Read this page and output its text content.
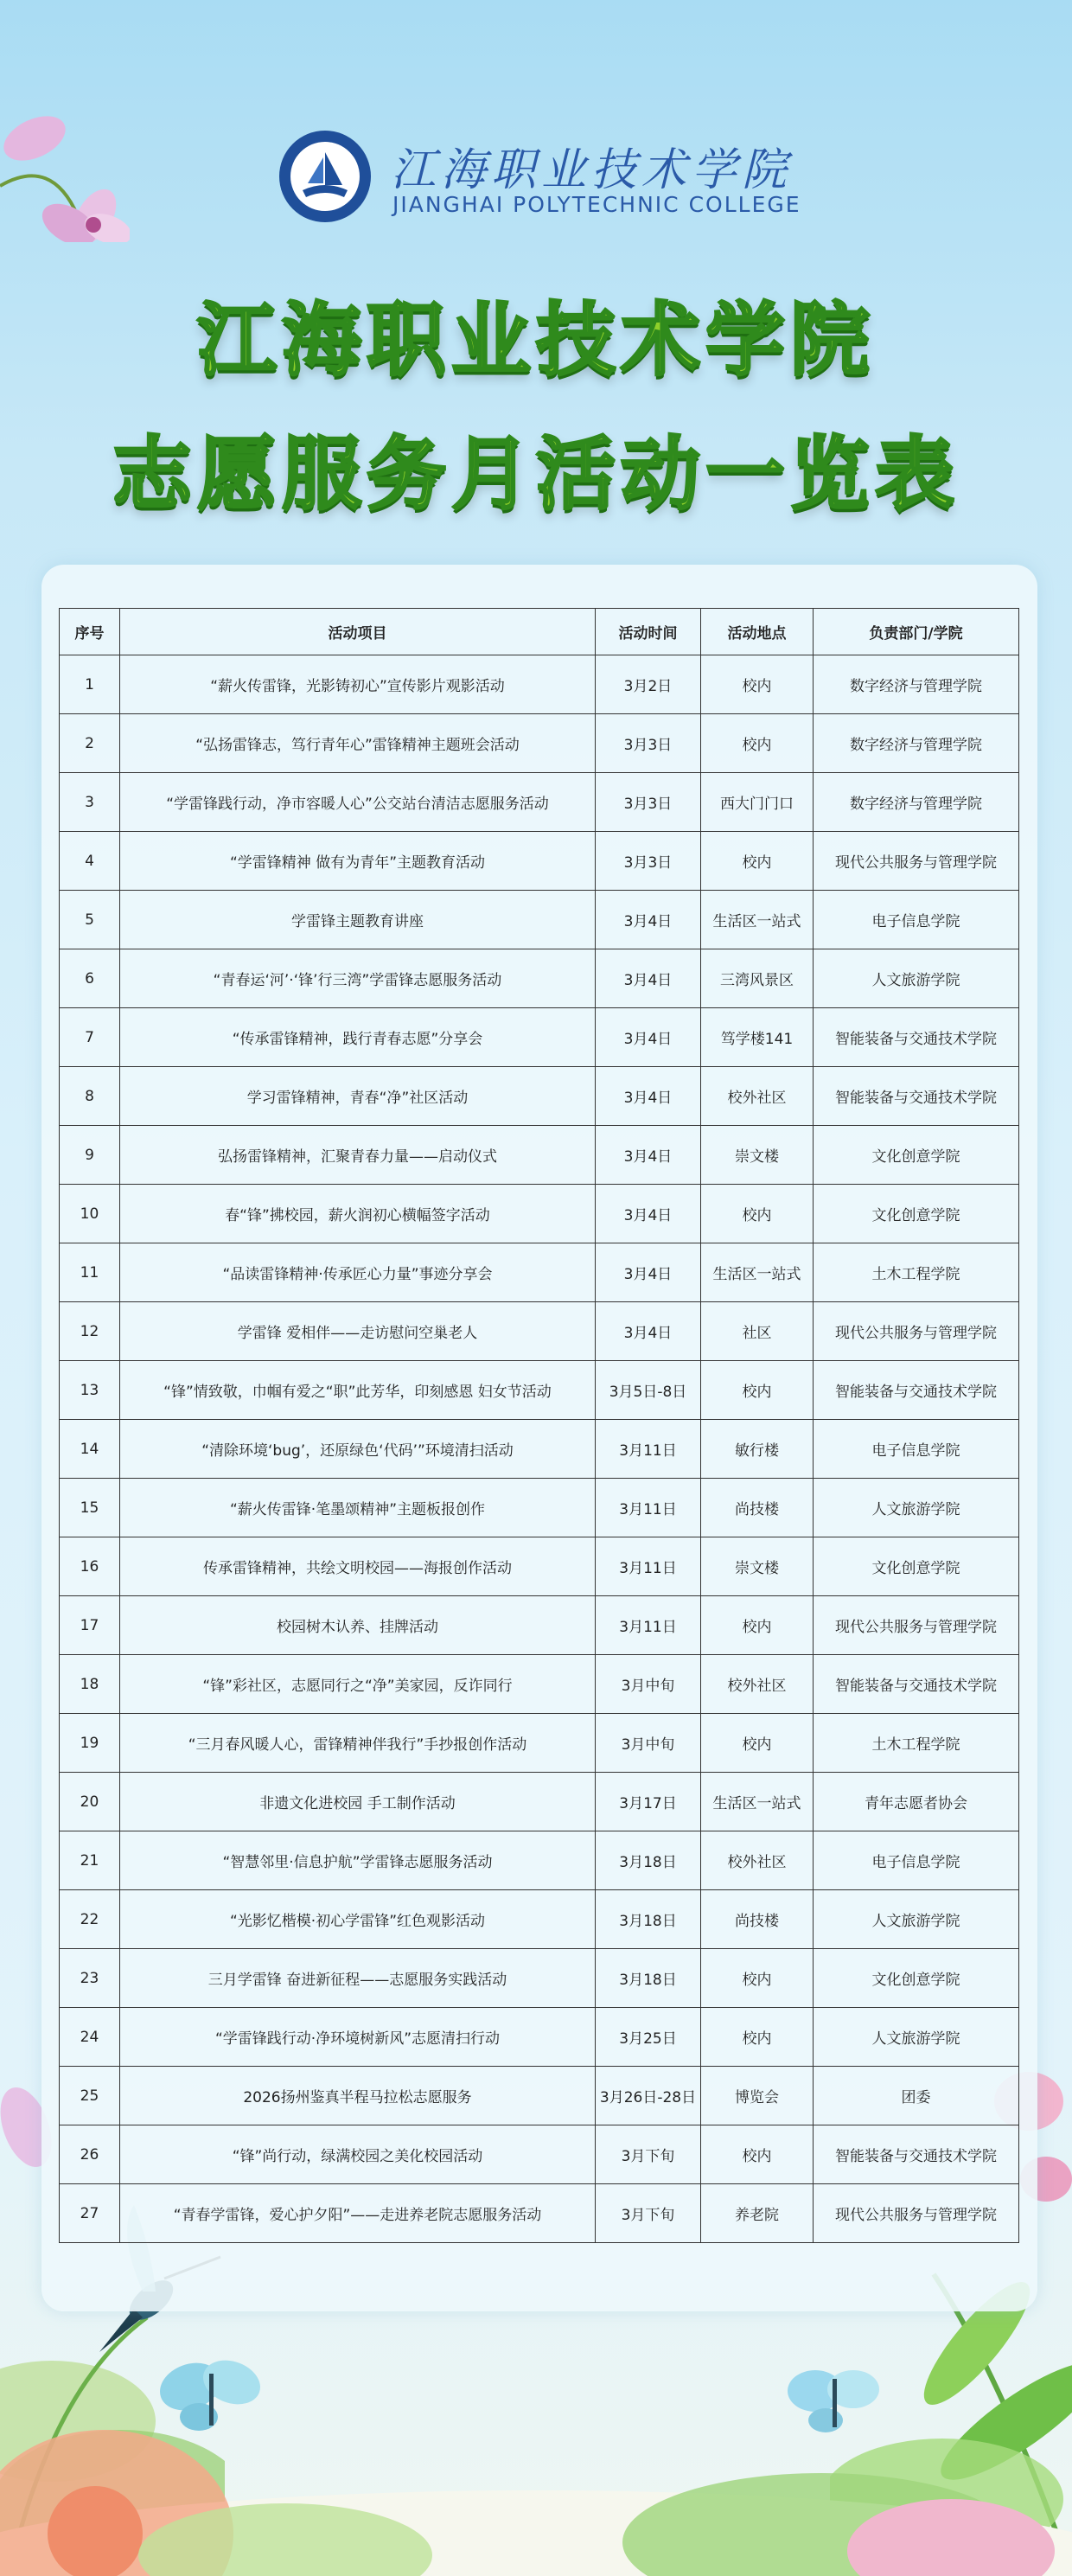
江海职业技术学院
JIANGHAI POLYTECHNIC COLLEGE
江海职业技术学院
志愿服务月活动一览表
序号	活动项目	活动时间	活动地点	负责部门/学院
1	“薪火传雷锋，光影铸初心”宣传影片观影活动	3月2日	校内	数字经济与管理学院
2	“弘扬雷锋志，笃行青年心”雷锋精神主题班会活动	3月3日	校内	数字经济与管理学院
3	“学雷锋践行动，净市容暖人心”公交站台清洁志愿服务活动	3月3日	西大门门口	数字经济与管理学院
4	“学雷锋精神 做有为青年”主题教育活动	3月3日	校内	现代公共服务与管理学院
5	学雷锋主题教育讲座	3月4日	生活区一站式	电子信息学院
6	“青春运‘河’·‘锋’行三湾”学雷锋志愿服务活动	3月4日	三湾风景区	人文旅游学院
7	“传承雷锋精神，践行青春志愿”分享会	3月4日	笃学楼141	智能装备与交通技术学院
8	学习雷锋精神，青春“净”社区活动	3月4日	校外社区	智能装备与交通技术学院
9	弘扬雷锋精神，汇聚青春力量——启动仪式	3月4日	崇文楼	文化创意学院
10	春“锋”拂校园，薪火润初心横幅签字活动	3月4日	校内	文化创意学院
11	“品读雷锋精神·传承匠心力量”事迹分享会	3月4日	生活区一站式	土木工程学院
12	学雷锋 爱相伴——走访慰问空巢老人	3月4日	社区	现代公共服务与管理学院
13	“锋”情致敬，巾帼有爱之“职”此芳华，印刻感恩 妇女节活动	3月5日-8日	校内	智能装备与交通技术学院
14	“清除环境‘bug’，还原绿色‘代码’”环境清扫活动	3月11日	敏行楼	电子信息学院
15	“薪火传雷锋·笔墨颂精神”主题板报创作	3月11日	尚技楼	人文旅游学院
16	传承雷锋精神，共绘文明校园——海报创作活动	3月11日	崇文楼	文化创意学院
17	校园树木认养、挂牌活动	3月11日	校内	现代公共服务与管理学院
18	“锋”彩社区，志愿同行之“净”美家园，反诈同行	3月中旬	校外社区	智能装备与交通技术学院
19	“三月春风暖人心，雷锋精神伴我行”手抄报创作活动	3月中旬	校内	土木工程学院
20	非遗文化进校园 手工制作活动	3月17日	生活区一站式	青年志愿者协会
21	“智慧邻里·信息护航”学雷锋志愿服务活动	3月18日	校外社区	电子信息学院
22	“光影忆楷模·初心学雷锋”红色观影活动	3月18日	尚技楼	人文旅游学院
23	三月学雷锋 奋进新征程——志愿服务实践活动	3月18日	校内	文化创意学院
24	“学雷锋践行动·净环境树新风”志愿清扫行动	3月25日	校内	人文旅游学院
25	2026扬州鉴真半程马拉松志愿服务	3月26日-28日	博览会	团委
26	“锋”尚行动，绿满校园之美化校园活动	3月下旬	校内	智能装备与交通技术学院
27	“青春学雷锋，爱心护夕阳”——走进养老院志愿服务活动	3月下旬	养老院	现代公共服务与管理学院
